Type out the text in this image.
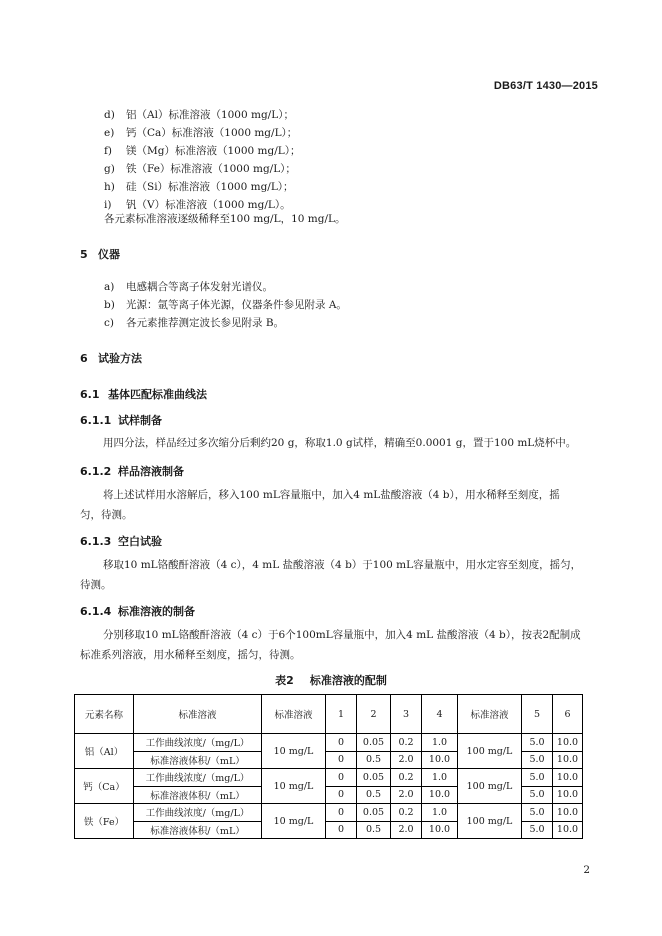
DB63/T 1430—2015
d) 铝（Al）标准溶液（1000 mg/L）；
e) 钙（Ca）标准溶液（1000 mg/L）；
f) 镁（Mg）标准溶液（1000 mg/L）；
g) 铁（Fe）标准溶液（1000 mg/L）；
h) 硅（Si）标准溶液（1000 mg/L）；
i) 钒（V）标准溶液（1000 mg/L）。
各元素标准溶液逐级稀释至100 mg/L，10 mg/L。
5 仪器
a) 电感耦合等离子体发射光谱仪。
b) 光源：氩等离子体光源，仪器条件参见附录 A。
c) 各元素推荐测定波长参见附录 B。
6 试验方法
6.1 基体匹配标准曲线法
6.1.1 试样制备
用四分法，样品经过多次缩分后剩约20 g，称取1.0 g试样，精确至0.0001 g，置于100 mL烧杯中。
6.1.2 样品溶液制备
将上述试样用水溶解后，移入100 mL容量瓶中，加入4 mL盐酸溶液（4 b），用水稀释至刻度，摇
匀，待测。
6.1.3 空白试验
移取10 mL铬酸酐溶液（4 c），4 mL 盐酸溶液（4 b）于100 mL容量瓶中，用水定容至刻度，摇匀，
待测。
6.1.4 标准溶液的制备
分别移取10 mL铬酸酐溶液（4 c）于6个100mL容量瓶中，加入4 mL 盐酸溶液（4 b），按表2配制成
标准系列溶液，用水稀释至刻度，摇匀，待测。
表2 标准溶液的配制
元素名称	标准溶液	标准溶液	1	2	3	4	标准溶液	5	6
铝（Al）	工作曲线浓度/（mg/L）	10 mg/L	0	0.05	0.2	1.0	100 mg/L	5.0	10.0
	标准溶液体积/（mL）		0	0.5	2.0	10.0		5.0	10.0
钙（Ca）	工作曲线浓度/（mg/L）	10 mg/L	0	0.05	0.2	1.0	100 mg/L	5.0	10.0
	标准溶液体积/（mL）		0	0.5	2.0	10.0		5.0	10.0
铁（Fe）	工作曲线浓度/（mg/L）	10 mg/L	0	0.05	0.2	1.0	100 mg/L	5.0	10.0
	标准溶液体积/（mL）		0	0.5	2.0	10.0		5.0	10.0
2
